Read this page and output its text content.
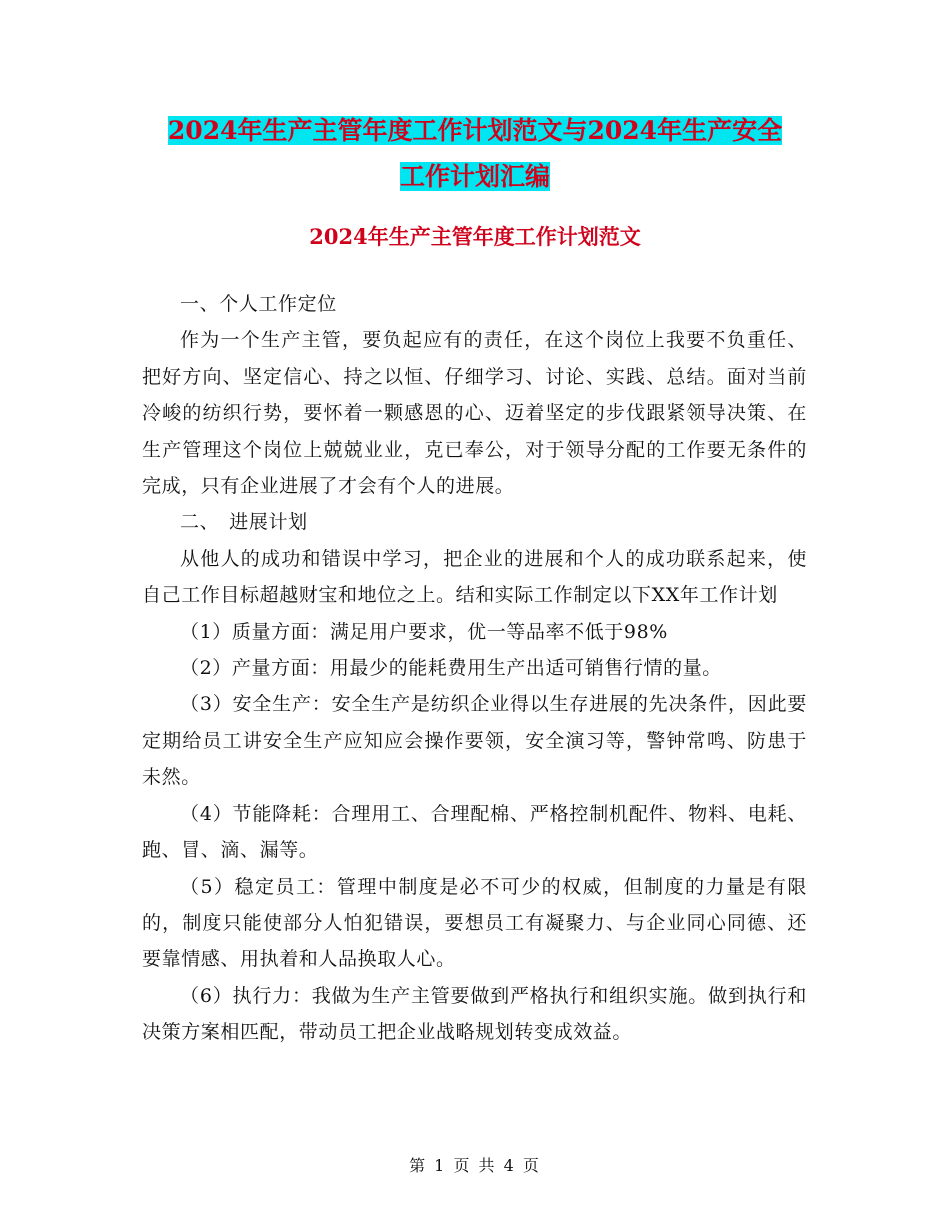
2024年生产主管年度工作计划范文与2024年生产安全
工作计划汇编
2024年生产主管年度工作计划范文

一、个人工作定位

作为一个生产主管，要负起应有的责任，在这个岗位上我要不负重任、把好方向、坚定信心、持之以恒、仔细学习、讨论、实践、总结。面对当前冷峻的纺织行势，要怀着一颗感恩的心、迈着坚定的步伐跟紧领导决策、在生产管理这个岗位上兢兢业业，克已奉公，对于领导分配的工作要无条件的完成，只有企业进展了才会有个人的进展。

二、　进展计划

从他人的成功和错误中学习，把企业的进展和个人的成功联系起来，使自己工作目标超越财宝和地位之上。结和实际工作制定以下XX年工作计划

（1）质量方面：满足用户要求，优一等品率不低于98%

（2）产量方面：用最少的能耗费用生产出适可销售行情的量。

（3）安全生产：安全生产是纺织企业得以生存进展的先决条件，因此要定期给员工讲安全生产应知应会操作要领，安全演习等，警钟常鸣、防患于未然。

（4）节能降耗：合理用工、合理配棉、严格控制机配件、物料、电耗、跑、冒、滴、漏等。

（5）稳定员工：管理中制度是必不可少的权威，但制度的力量是有限的，制度只能使部分人怕犯错误，要想员工有凝聚力、与企业同心同德、还要靠情感、用执着和人品换取人心。

（6）执行力：我做为生产主管要做到严格执行和组织实施。做到执行和决策方案相匹配，带动员工把企业战略规划转变成效益。

第 1 页 共 4 页
